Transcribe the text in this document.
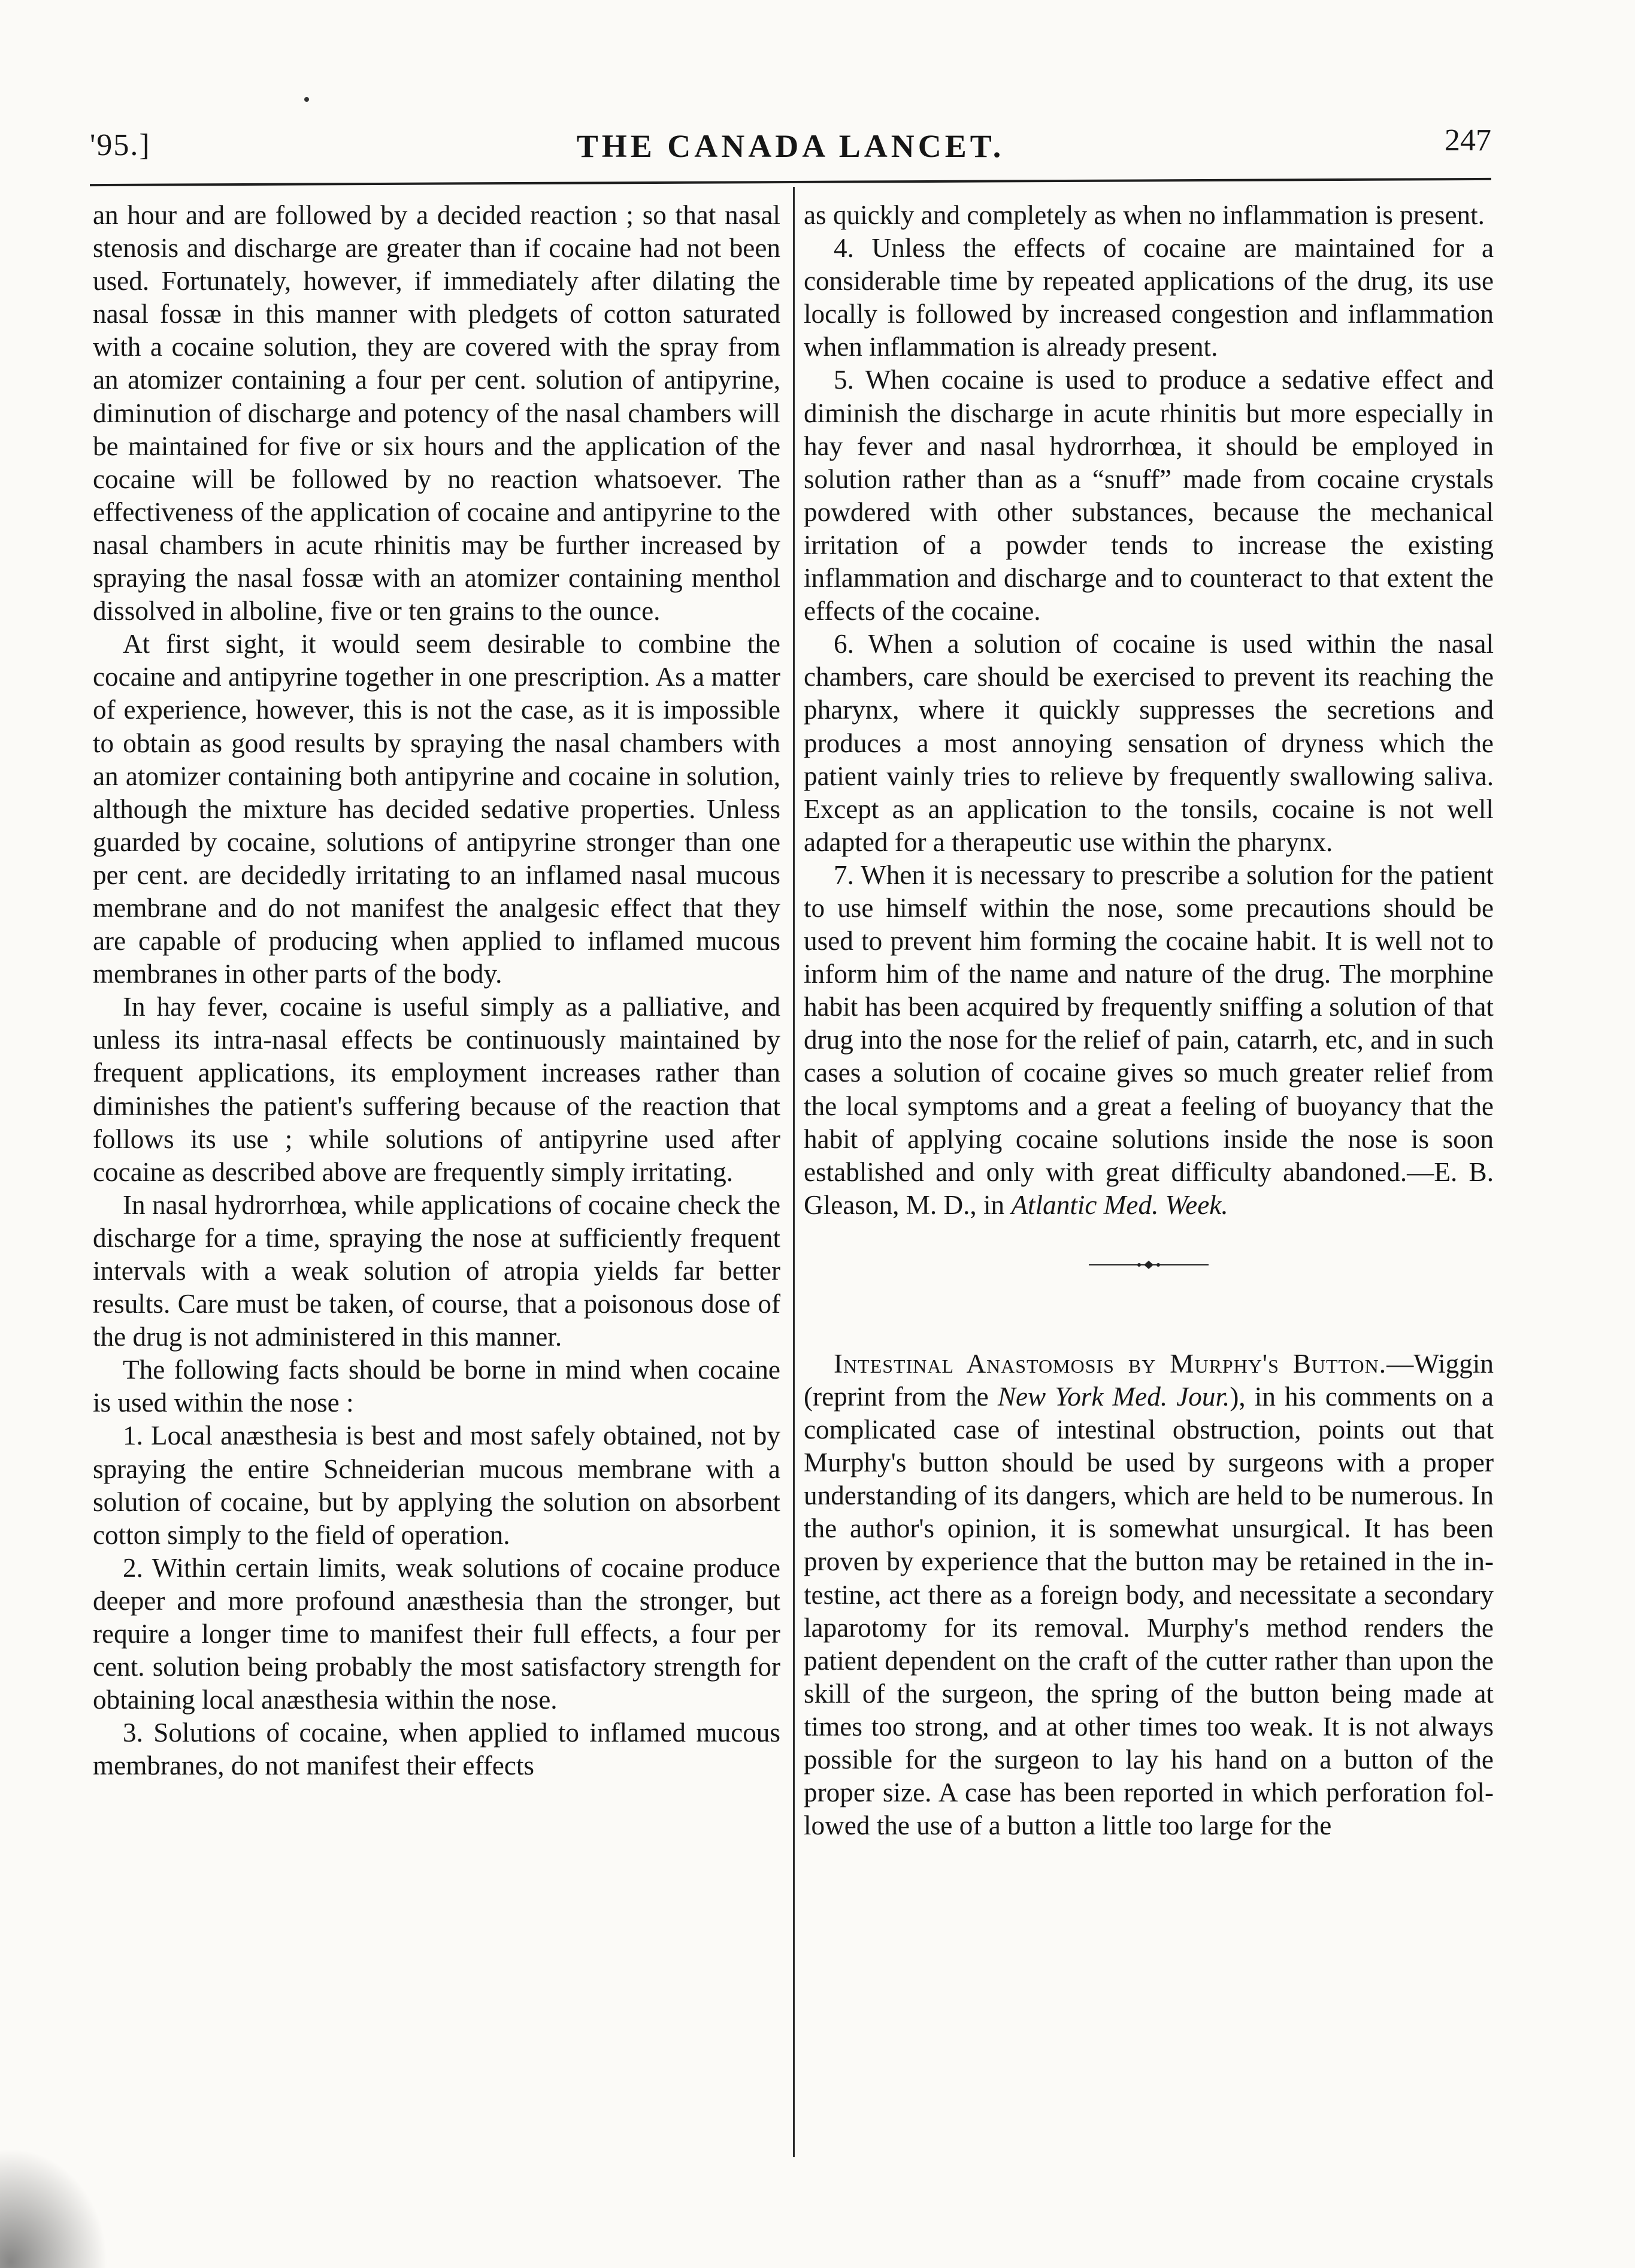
'95.]	THE CANADA LANCET.	247

an hour and are followed by a decided reaction ; so that nasal stenosis and discharge are greater than if cocaine had not been used. Fortunately, however, if immediately after dilating the nasal fossæ in this manner with pledgets of cotton saturated with a cocaine solution, they are covered with the spray from an atomizer containing a four per cent. solution of antipyrine, diminution of discharge and potency of the nasal chambers will be maintained for five or six hours and the application of the cocaine will be followed by no reaction whatsoever. The effectiveness of the application of cocaine and antipyrine to the nasal chambers in acute rhinitis may be further increased by spraying the nasal fossæ with an atomizer containing menthol dissolved in alboline, five or ten grains to the ounce.

At first sight, it would seem desirable to combine the cocaine and antipyrine together in one prescription. As a matter of experience, however, this is not the case, as it is impossible to obtain as good results by spraying the nasal chambers with an atomizer containing both antipyrine and cocaine in solution, although the mixture has decided sedative properties. Unless guarded by cocaine, solutions of antipyrine stronger than one per cent. are decidedly irritating to an inflamed nasal mucous membrane and do not manifest the analgesic effect that they are capable of producing when applied to inflamed mucous membranes in other parts of the body.

In hay fever, cocaine is useful simply as a palliative, and unless its intra-nasal effects be continuously maintained by frequent applications, its employment increases rather than diminishes the patient's suffering because of the reaction that follows its use ; while solutions of antipyrine used after cocaine as described above are frequently simply irritating.

In nasal hydrorrhœa, while applications of cocaine check the discharge for a time, spraying the nose at sufficiently frequent intervals with a weak solution of atropia yields far better results. Care must be taken, of course, that a poisonous dose of the drug is not administered in this manner.

The following facts should be borne in mind when cocaine is used within the nose :

1. Local anæsthesia is best and most safely obtained, not by spraying the entire Schneiderian mucous membrane with a solution of cocaine, but by applying the solution on absorbent cotton simply to the field of operation.

2. Within certain limits, weak solutions of cocaine produce deeper and more profound anæsthesia than the stronger, but require a longer time to manifest their full effects, a four per cent. solution being probably the most satisfactory strength for obtaining local anæsthesia within the nose.

3. Solutions of cocaine, when applied to inflamed mucous membranes, do not manifest their effects

as quickly and completely as when no inflammation is present.

4. Unless the effects of cocaine are maintained for a considerable time by repeated applications of the drug, its use locally is followed by increased congestion and inflammation when inflammation is already present.

5. When cocaine is used to produce a sedative effect and diminish the discharge in acute rhinitis but more especially in hay fever and nasal hydrorrhœa, it should be employed in solution rather than as a “snuff” made from cocaine crystals powdered with other substances, because the mechanical irritation of a powder tends to increase the existing inflammation and discharge and to counteract to that extent the effects of the cocaine.

6. When a solution of cocaine is used within the nasal chambers, care should be exercised to prevent its reaching the pharynx, where it quickly suppresses the secretions and produces a most annoying sensation of dryness which the patient vainly tries to relieve by frequently swallowing saliva. Except as an application to the tonsils, cocaine is not well adapted for a therapeutic use within the pharynx.

7. When it is necessary to prescribe a solution for the patient to use himself within the nose, some precautions should be used to prevent him forming the cocaine habit. It is well not to inform him of the name and nature of the drug. The morphine habit has been acquired by frequently sniffing a solution of that drug into the nose for the relief of pain, catarrh, etc, and in such cases a solution of cocaine gives so much greater relief from the local symptoms and a great a feeling of buoyancy that the habit of applying cocaine solutions inside the nose is soon established and only with great difficulty abandoned.—E. B. Gleason, M. D., in Atlantic Med. Week.

Intestinal Anastomosis by Murphy's Button.—Wiggin (reprint from the New York Med. Jour.), in his comments on a complicated case of intestinal obstruction, points out that Murphy's button should be used by surgeons with a proper understanding of its dangers, which are held to be numerous. In the author's opinion, it is somewhat unsurgical. It has been proven by experience that the button may be retained in the intestine, act there as a foreign body, and necessitate a secondary laparotomy for its removal. Murphy's method renders the patient dependent on the craft of the cutter rather than upon the skill of the surgeon, the spring of the button being made at times too strong, and at other times too weak. It is not always possible for the surgeon to lay his hand on a button of the proper size. A case has been reported in which perforation followed the use of a button a little too large for the
